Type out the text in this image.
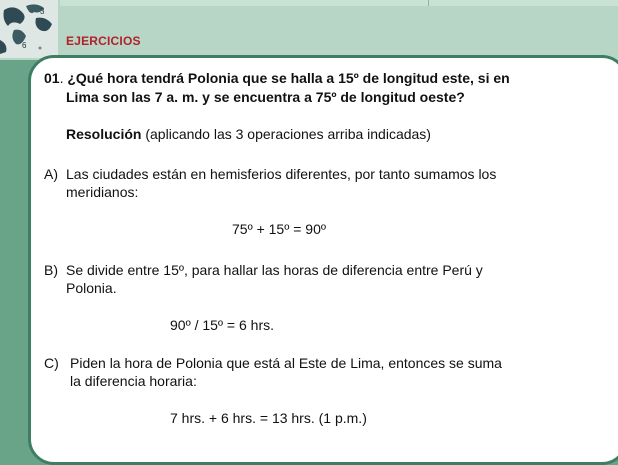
3
6	EJERCICIOS
01. ¿Qué hora tendrá Polonia que se halla a 15º de longitud este, si en
Lima son las 7 a. m. y se encuentra a 75º de longitud oeste?
Resolución (aplicando las 3 operaciones arriba indicadas)
A) Las ciudades están en hemisferios diferentes, por tanto sumamos los
meridianos:
75º + 15º = 90º
B) Se divide entre 15º, para hallar las horas de diferencia entre Perú y
Polonia.
90º / 15º = 6 hrs.
C) Piden la hora de Polonia que está al Este de Lima, entonces se suma
la diferencia horaria:
7 hrs. + 6 hrs. = 13 hrs. (1 p.m.)
